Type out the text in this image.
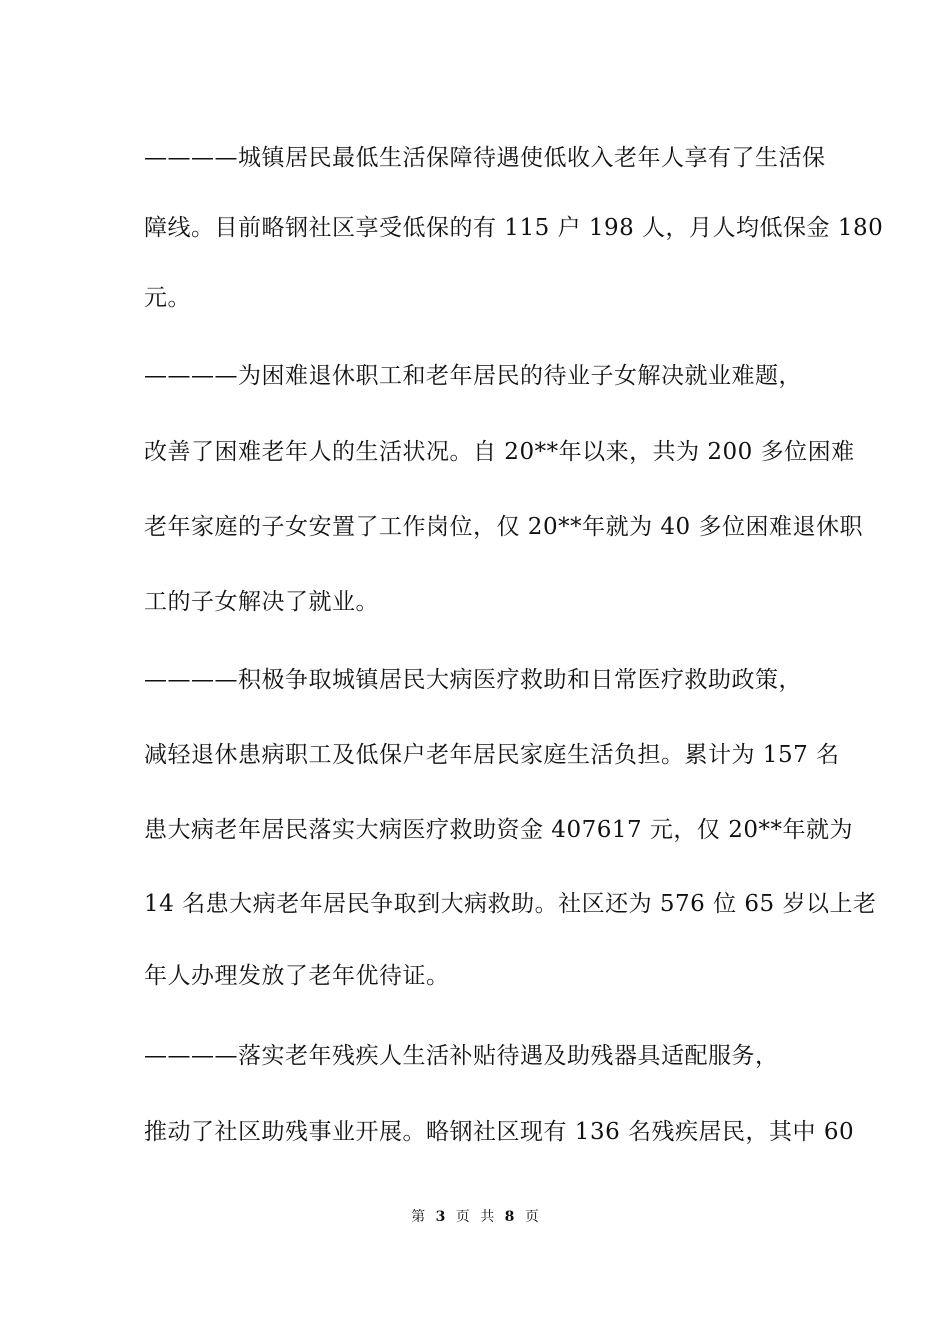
————城镇居民最低生活保障待遇使低收入老年人享有了生活保
障线。目前略钢社区享受低保的有 115 户 198 人，月人均低保金 180
元。
————为困难退休职工和老年居民的待业子女解决就业难题，
改善了困难老年人的生活状况。自 20**年以来，共为 200 多位困难
老年家庭的子女安置了工作岗位，仅 20**年就为 40 多位困难退休职
工的子女解决了就业。
————积极争取城镇居民大病医疗救助和日常医疗救助政策，
减轻退休患病职工及低保户老年居民家庭生活负担。累计为 157 名
患大病老年居民落实大病医疗救助资金 407617 元，仅 20**年就为
14 名患大病老年居民争取到大病救助。社区还为 576 位 65 岁以上老
年人办理发放了老年优待证。
————落实老年残疾人生活补贴待遇及助残器具适配服务，
推动了社区助残事业开展。略钢社区现有 136 名残疾居民，其中 60
第 3 页 共 8 页
